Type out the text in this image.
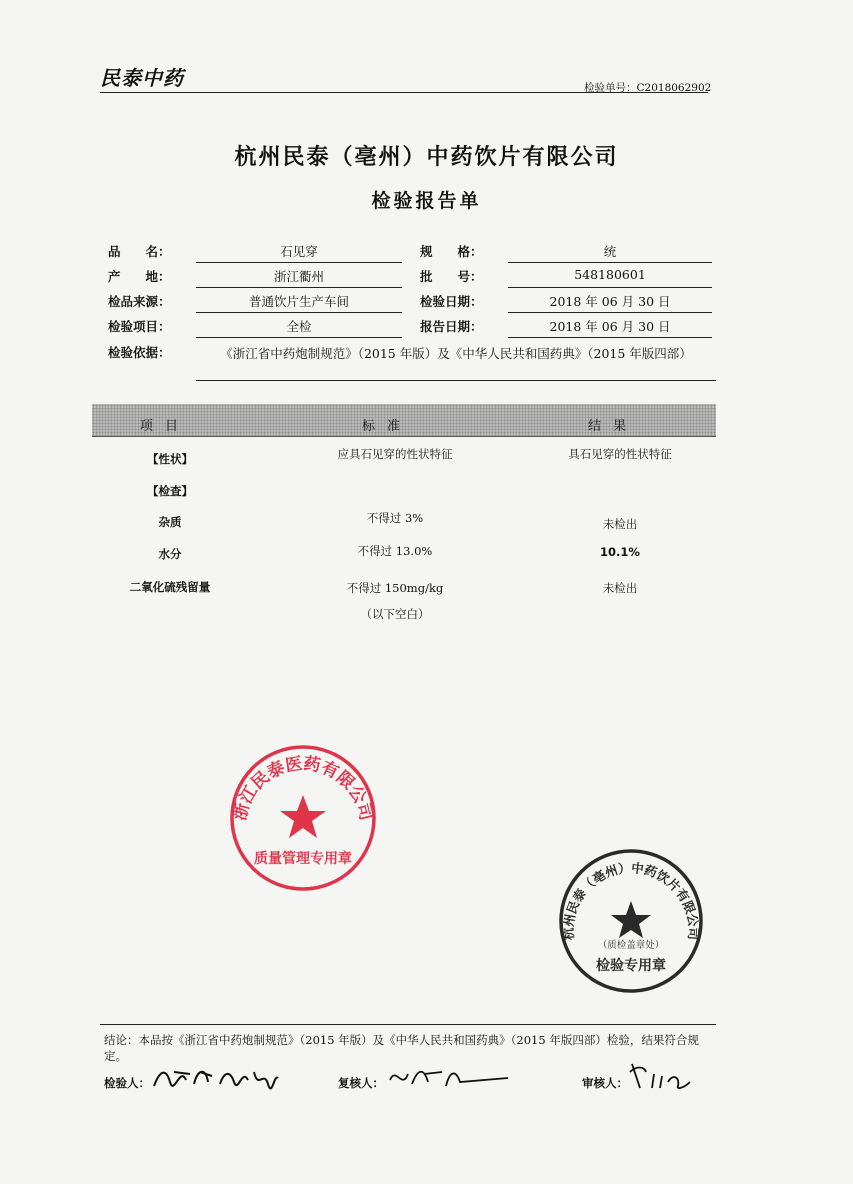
民泰中药	检验单号：C2018062902
杭州民泰（亳州）中药饮片有限公司
检验报告单
品　　名：	石见穿	规　　格：	统
产　　地：	浙江衢州	批　　号：	548180601
检品来源：	普通饮片生产车间	检验日期：	2018 年 06 月 30 日
检验项目：	全检	报告日期：	2018 年 06 月 30 日
检验依据：	《浙江省中药炮制规范》（2015 年版）及《中华人民共和国药典》（2015 年版四部）
项目	标准	结果
【性状】	应具石见穿的性状特征	具石见穿的性状特征
【检查】
杂质	不得过 3%	未检出
水分	不得过 13.0%	10.1%
二氧化硫残留量	不得过 150mg/kg	未检出
（以下空白）
浙江民泰医药有限公司
质量管理专用章
杭州民泰（亳州）中药饮片有限公司
（质检盖章处）
检验专用章
结论：本品按《浙江省中药炮制规范》（2015 年版）及《中华人民共和国药典》（2015 年版四部）检验，结果符合规定。
检验人：	复核人：	审核人：
